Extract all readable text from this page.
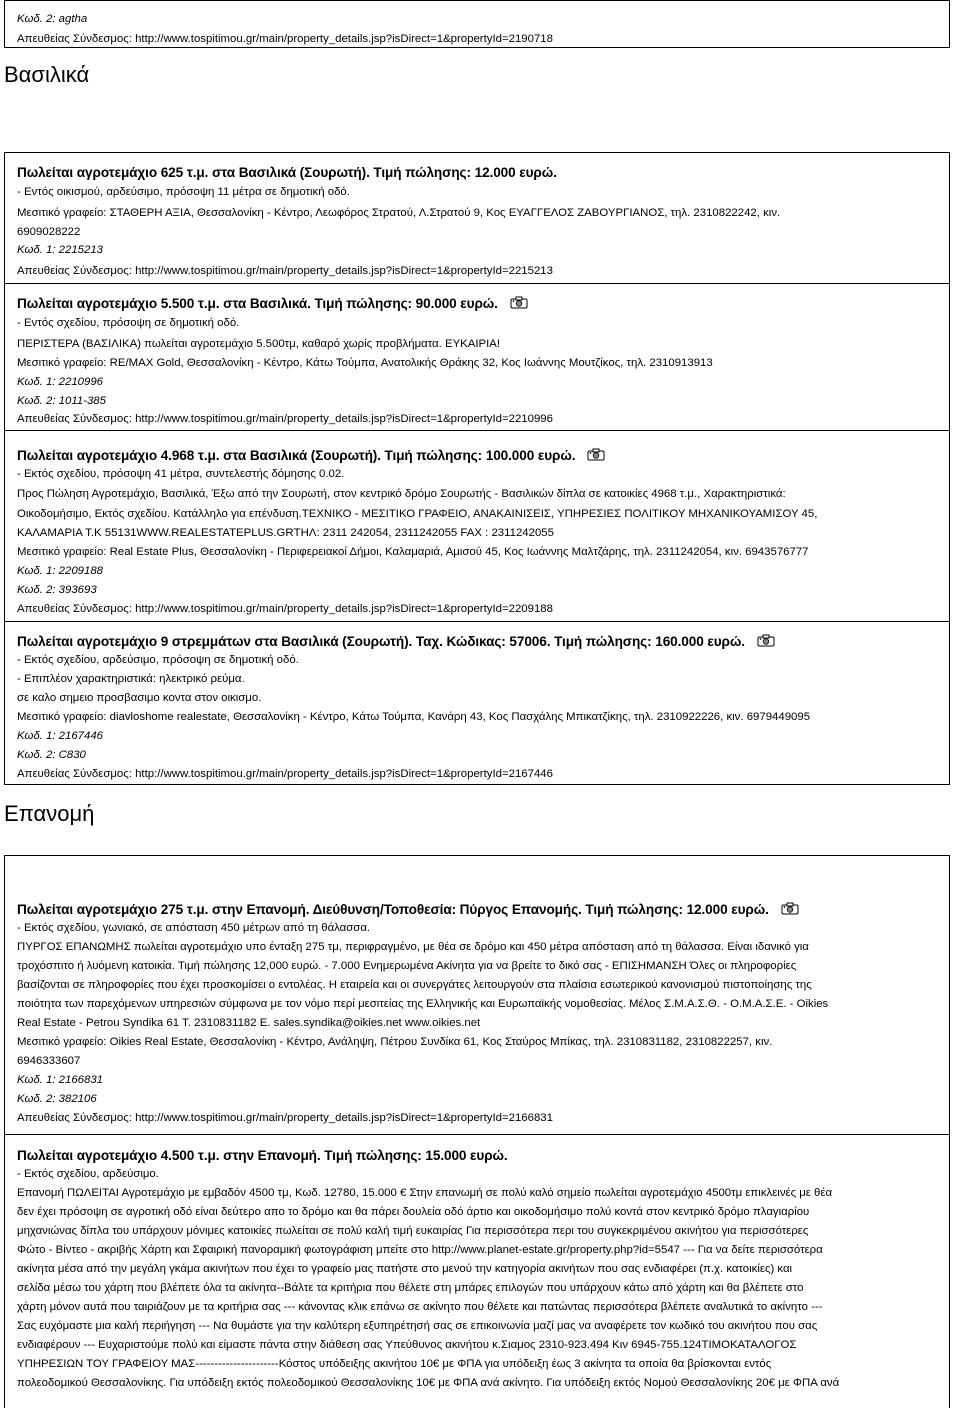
Κωδ. 2: agtha
Απευθείας Σύνδεσμος: http://www.tospitimou.gr/main/property_details.jsp?isDirect=1&propertyId=2190718
Βασιλικά
Πωλείται αγροτεμάχιο 625 τ.μ. στα Βασιλικά (Σουρωτή). Τιμή πώλησης: 12.000 ευρώ.
- Εντός οικισμού, αρδεύσιμο, πρόσοψη 11 μέτρα σε δημοτική οδό.
Μεσιτικό γραφείο: ΣΤΑΘΕΡΗ ΑΞΙΑ, Θεσσαλονίκη - Κέντρο, Λεωφόρος Στρατού, Λ.Στρατού 9, Κος ΕΥΑΓΓΕΛΟΣ ΖΑΒΟΥΡΓΙΑΝΟΣ, τηλ. 2310822242, κιν.
6909028222
Κωδ. 1: 2215213
Απευθείας Σύνδεσμος: http://www.tospitimou.gr/main/property_details.jsp?isDirect=1&propertyId=2215213
Πωλείται αγροτεμάχιο 5.500 τ.μ. στα Βασιλικά. Τιμή πώλησης: 90.000 ευρώ.
- Εντός σχεδίου, πρόσοψη σε δημοτική οδό.
ΠΕΡΙΣΤΕΡΑ (ΒΑΣΙΛΙΚΑ) πωλείται αγροτεμάχιο 5.500τμ, καθαρό χωρίς προβλήματα. ΕΥΚΑΙΡΙΑ!
Μεσιτικό γραφείο: RE/MAX Gold, Θεσσαλονίκη - Κέντρο, Κάτω Τούμπα, Ανατολικής Θράκης 32, Κος Ιωάννης Μουτζίκος, τηλ. 2310913913
Κωδ. 1: 2210996
Κωδ. 2: 1011-385
Απευθείας Σύνδεσμος: http://www.tospitimou.gr/main/property_details.jsp?isDirect=1&propertyId=2210996
Πωλείται αγροτεμάχιο 4.968 τ.μ. στα Βασιλικά (Σουρωτή). Τιμή πώλησης: 100.000 ευρώ.
- Εκτός σχεδίου, πρόσοψη 41 μέτρα, συντελεστής δόμησης 0.02.
Προς Πώληση Αγροτεμάχιο, Βασιλικά, Έξω από την Σουρωτή, στον κεντρικό δρόμο Σουρωτής - Βασιλικών δίπλα σε κατοικίες 4968 τ.μ., Χαρακτηριστικά:
Οικοδομήσιμο, Εκτός σχεδίου. Κατάλληλο για επένδυση.ΤΕΧΝΙΚΟ - ΜΕΣΙΤΙΚΟ ΓΡΑΦΕΙΟ, ΑΝΑΚΑΙΝΙΣΕΙΣ, ΥΠΗΡΕΣΙΕΣ ΠΟΛΙΤΙΚΟΥ ΜΗΧΑΝΙΚΟΥΑΜΙΣΟΥ 45,
ΚΑΛΑΜΑΡΙΑ Τ.Κ 55131WWW.REALESTATEPLUS.GRΤΗΛ: 2311 242054, 2311242055 FAX : 2311242055
Μεσιτικό γραφείο: Real Estate Plus, Θεσσαλονίκη - Περιφερειακοί Δήμοι, Καλαμαριά, Αμισού 45, Κος Ιωάννης Μαλτζάρης, τηλ. 2311242054, κιν. 6943576777
Κωδ. 1: 2209188
Κωδ. 2: 393693
Απευθείας Σύνδεσμος: http://www.tospitimou.gr/main/property_details.jsp?isDirect=1&propertyId=2209188
Πωλείται αγροτεμάχιο 9 στρεμμάτων στα Βασιλικά (Σουρωτή). Ταχ. Κώδικας: 57006. Τιμή πώλησης: 160.000 ευρώ.
- Εκτός σχεδίου, αρδεύσιμο, πρόσοψη σε δημοτική οδό.
- Επιπλέον χαρακτηριστικά: ηλεκτρικό ρεύμα.
σε καλο σημειο προσβασιμο κοντα στον οικισμο.
Μεσιτικό γραφείο: diavloshome realestate, Θεσσαλονίκη - Κέντρο, Κάτω Τούμπα, Κανάρη 43, Κος Πασχάλης Μπικατζίκης, τηλ. 2310922226, κιν. 6979449095
Κωδ. 1: 2167446
Κωδ. 2: C830
Απευθείας Σύνδεσμος: http://www.tospitimou.gr/main/property_details.jsp?isDirect=1&propertyId=2167446
Επανομή
Πωλείται αγροτεμάχιο 275 τ.μ. στην Επανομή. Διεύθυνση/Τοποθεσία: Πύργος Επανομής. Τιμή πώλησης: 12.000 ευρώ.
- Εκτός σχεδίου, γωνιακό, σε απόσταση 450 μέτρων από τη θάλασσα.
ΠΥΡΓΟΣ ΕΠΑΝΩΜΗΣ πωλείται αγροτεμάχιο υπο ένταξη 275 τμ, περιφραγμένο, με θέα σε δρόμο και 450 μέτρα απόσταση από τη θάλασσα. Είναι ιδανικό για
τροχόσπιτο ή λυόμενη κατοικία. Τιμή πώλησης 12,000 ευρώ. - 7.000 Ενημερωμένα Ακίνητα για να βρείτε το δικό σας - ΕΠΙΣΗΜΑΝΣΗ Όλες οι πληροφορίες
βασίζονται σε πληροφορίες που έχει προσκομίσει ο εντολέας. Η εταιρεία και οι συνεργάτες λειτουργούν στα πλαίσια εσωτερικού κανονισμού πιστοποίησης της
ποιότητα των παρεχόμενων υπηρεσιών σύμφωνα με τον νόμο περί μεσιτείας της Ελληνικής και Ευρωπαϊκής νομοθεσίας. Μέλος Σ.Μ.Α.Σ.Θ. - Ο.Μ.Α.Σ.Ε. - Oikies
Real Estate - Petrou Syndika 61 T. 2310831182 E. sales.syndika@oikies.net www.oikies.net
Μεσιτικό γραφείο: Oikies Real Estate, Θεσσαλονίκη - Κέντρο, Ανάληψη, Πέτρου Συνδίκα 61, Κος Σταύρος Μπίκας, τηλ. 2310831182, 2310822257, κιν.
6946333607
Κωδ. 1: 2166831
Κωδ. 2: 382106
Απευθείας Σύνδεσμος: http://www.tospitimou.gr/main/property_details.jsp?isDirect=1&propertyId=2166831
Πωλείται αγροτεμάχιο 4.500 τ.μ. στην Επανομή. Τιμή πώλησης: 15.000 ευρώ.
- Εκτός σχεδίου, αρδεύσιμο.
Επανομή ΠΩΛΕΙΤΑΙ Αγροτεμάχιο με εμβαδόν 4500 τμ, Κωδ. 12780, 15.000 € Στην επανωμή σε πολύ καλό σημείο πωλείται αγροτεμάχιο 4500τμ επικλεινές με θέα
δεν έχει πρόσοψη σε αγροτική οδό είναι δεύτερο απο το δρόμο και θα πάρει δουλεία οδό άρτιο και οικοδομήσιμο πολύ κοντά στον κεντρικό δρόμο πλαγιαρίου
μηχανιώνας δίπλα του υπάρχουν μόνιμες κατοικίες πωλείται σε πολύ καλή τιμή ευκαιρίας Για περισσότερα περι του συγκεκριμένου ακινήτου για περισσότερες
Φώτο - Βίντεο - ακριβής Χάρτη και Σφαιρική πανοραμική φωτογράφιση μπείτε στο http://www.planet-estate.gr/property.php?id=5547 --- Για να δείτε περισσότερα
ακίνητα μέσα από την μεγάλη γκάμα ακινήτων που έχει το γραφείο μας πατήστε στο μενού την κατηγορία ακινήτων που σας ενδιαφέρει (π.χ. κατοικίες) και
σελίδα μέσω του χάρτη που βλέπετε όλα τα ακίνητα--Βάλτε τα κριτήρια που θέλετε στη μπάρες επιλογών που υπάρχουν κάτω από χάρτη και θα βλέπετε στο
χάρτη μόνον αυτά που ταιριάζουν με τα κριτήρια σας --- κάνοντας κλικ επάνω σε ακίνητο που θέλετε και πατώντας περισσότερα βλέπετε αναλυτικά το ακίνητο ---
Σας ευχόμαστε μια καλή περιήγηση --- Να θυμάστε για την καλύτερη εξυπηρέτησή σας σε επικοινωνία μαζί μας να αναφέρετε τον κωδικό του ακινήτου που σας
ενδιαφέρουν --- Ευχαριστούμε πολύ και είμαστε πάντα στην διάθεση σας Υπεύθυνος ακινήτου κ.Σιαμος 2310-923.494 Κιν 6945-755.124ΤΙΜΟΚΑΤΑΛΟΓΟΣ
ΥΠΗΡΕΣΙΩΝ ΤΟΥ ΓΡΑΦΕΙΟΥ ΜΑΣ----------------------Κόστος υπόδειξης ακινήτου 10€ με ΦΠΑ για υπόδειξη έως 3 ακίνητα τα οποία θα βρίσκονται εντός
πολεοδομικού Θεσσαλονίκης. Για υπόδειξη εκτός πολεοδομικού Θεσσαλονίκης 10€ με ΦΠΑ ανά ακίνητο. Για υπόδειξη εκτός Νομού Θεσσαλονίκης 20€ με ΦΠΑ ανά
